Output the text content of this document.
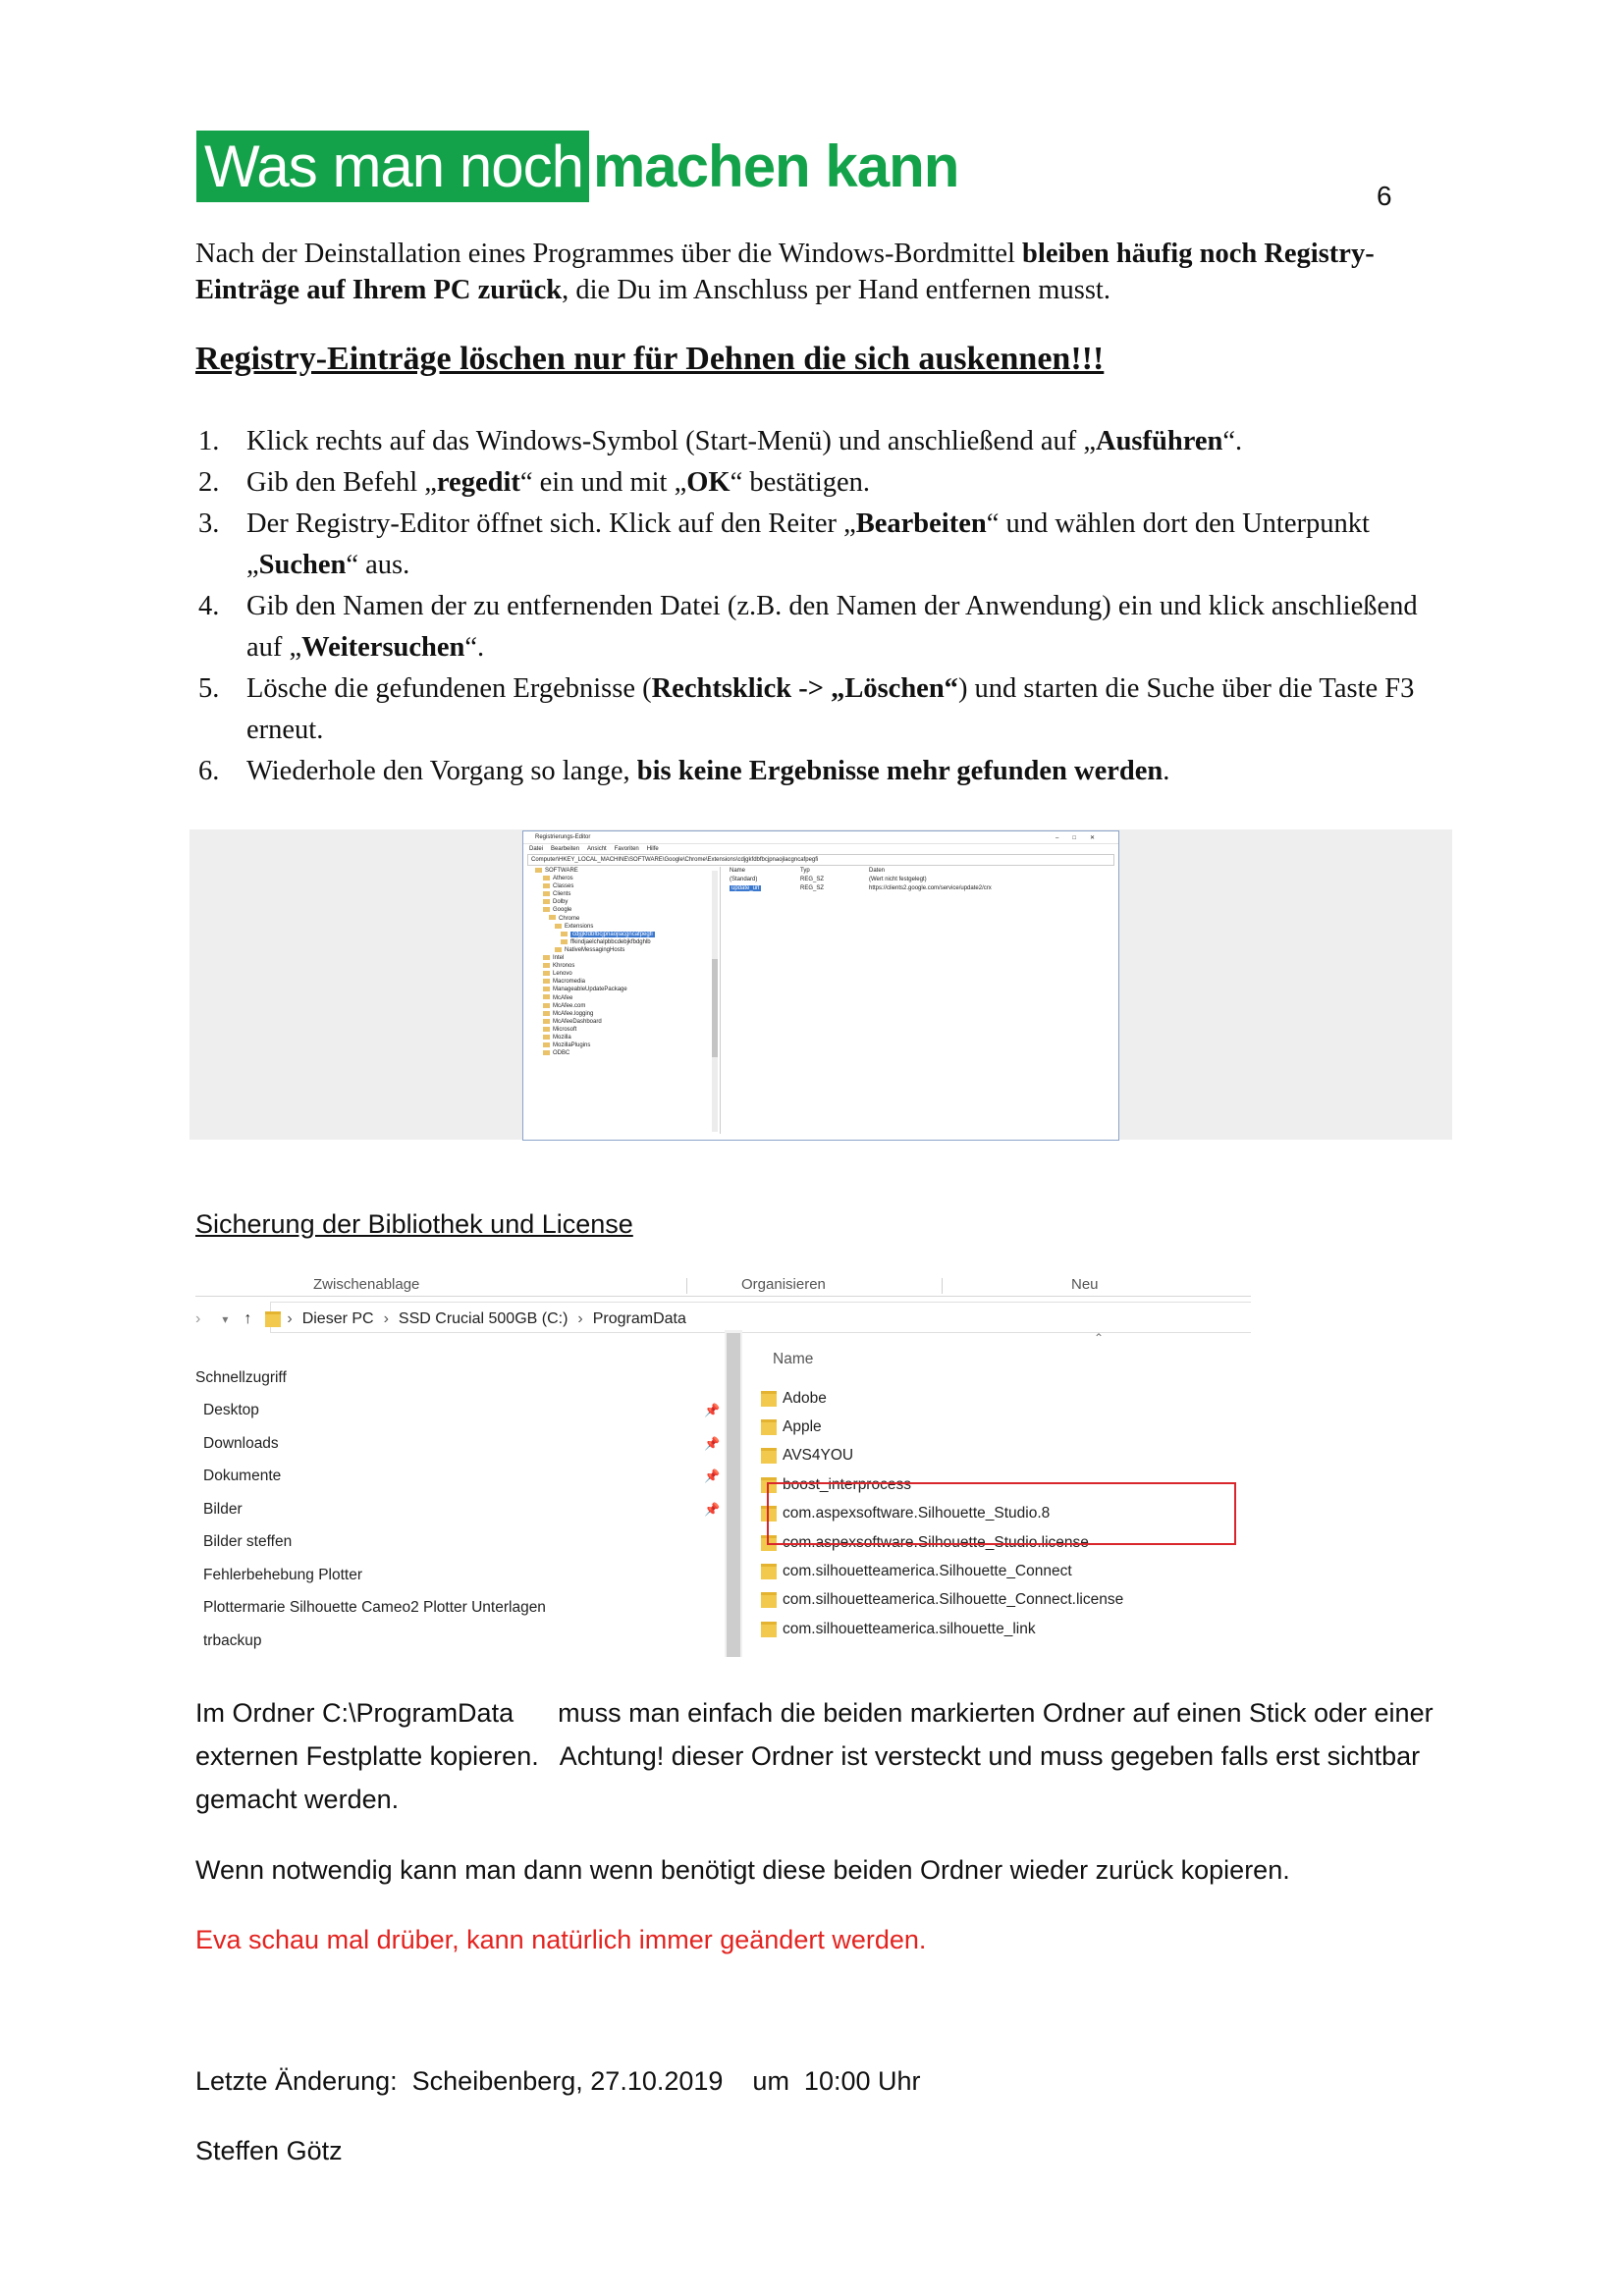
Was man noch machen kann	6

Nach der Deinstallation eines Programmes über die Windows-Bordmittel bleiben häufig noch Registry-Einträge auf Ihrem PC zurück, die Du im Anschluss per Hand entfernen musst.

Registry-Einträge löschen nur für Dehnen die sich auskennen!!!
1. Klick rechts auf das Windows-Symbol (Start-Menü) und anschließend auf „Ausführen“.
2. Gib den Befehl „regedit“ ein und mit „OK“ bestätigen.
3. Der Registry-Editor öffnet sich. Klick auf den Reiter „Bearbeiten“ und wählen dort den Unterpunkt „Suchen“ aus.
4. Gib den Namen der zu entfernenden Datei (z.B. den Namen der Anwendung) ein und klick anschließend auf „Weitersuchen“.
5. Lösche die gefundenen Ergebnisse (Rechtsklick -> „Löschen“) und starten die Suche über die Taste F3 erneut.
6. Wiederhole den Vorgang so lange, bis keine Ergebnisse mehr gefunden werden.
Registrierungs-Editor	–□✕
Datei Bearbeiten Ansicht Favoriten Hilfe
Computer\HKEY_LOCAL_MACHINE\SOFTWARE\Google\Chrome\Extensions\cdjgkfdbfbcjpnaojlacgncafpegfi
SOFTWARE
Atheros
Classes
Clients
Dolby
Google
Chrome
Extensions
cdjgkfdbfbcjpnaojlacgncafpegfi
ffkindjaelchalpbbcdebjkfbdghlb
NativeMessagingHosts
Intel
Khronos
Lenovo
Macromedia
ManageableUpdatePackage
McAfee
McAfee.com
McAfee.logging
McAfeeDashboard
Microsoft
Mozilla
MozillaPlugins
ODBC
Name	Typ	Daten
(Standard)	REG_SZ	(Wert nicht festgelegt)
update_url	REG_SZ	https://clients2.google.com/service/update2/crx
Sicherung der Bibliothek und License
Zwischenablage	Organisieren	Neu
› ▾ ↑ › Dieser PC › SSD Crucial 500GB (C:) › ProgramData
Schnellzugriff
Desktop	📌
Downloads	📌
Dokumente	📌
Bilder	📌
Bilder steffen
Fehlerbehebung Plotter
Plottermarie Silhouette Cameo2 Plotter Unterlagen
trbackup
⌃
Name
Adobe
Apple
AVS4YOU
boost_interprocess
com.aspexsoftware.Silhouette_Studio.8
com.aspexsoftware.Silhouette_Studio.license
com.silhouetteamerica.Silhouette_Connect
com.silhouetteamerica.Silhouette_Connect.license
com.silhouetteamerica.silhouette_link
Im Ordner C:\ProgramData      muss man einfach die beiden markierten Ordner auf einen Stick oder einer externen Festplatte kopieren.   Achtung! dieser Ordner ist versteckt und muss gegeben falls erst sichtbar gemacht werden.
Wenn notwendig kann man dann wenn benötigt diese beiden Ordner wieder zurück kopieren.
Eva schau mal drüber, kann natürlich immer geändert werden.
Letzte Änderung:  Scheibenberg, 27.10.2019    um  10:00 Uhr
Steffen Götz
